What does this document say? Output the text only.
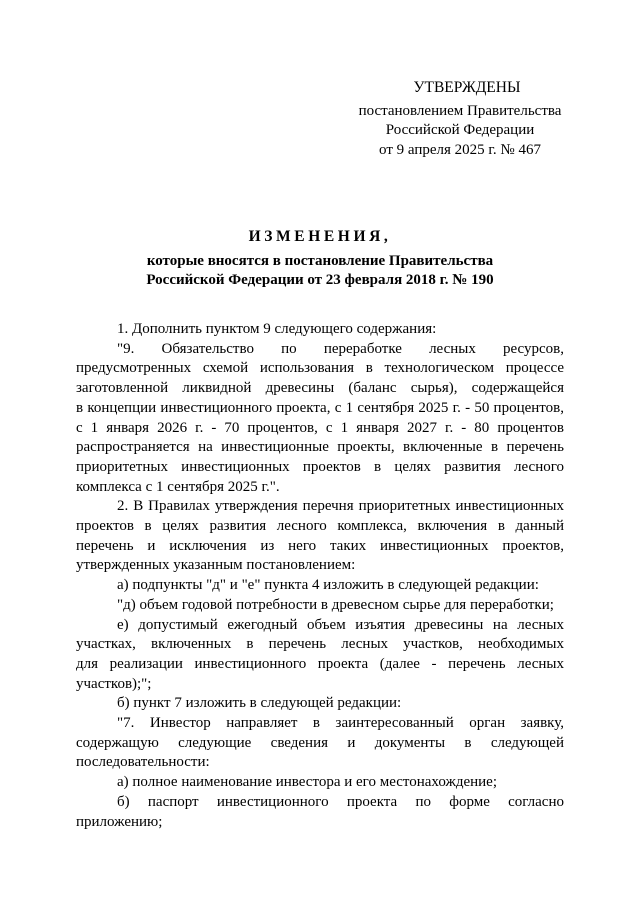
УТВЕРЖДЕНЫ
постановлением Правительства
Российской Федерации
от 9 апреля 2025 г. № 467
ИЗМЕНЕНИЯ,
которые вносятся в постановление Правительства
Российской Федерации от 23 февраля 2018 г. № 190

1. Дополнить пунктом 9 следующего содержания:

"9. Обязательство по переработке лесных ресурсов,

предусмотренных схемой использования в технологическом процессе

заготовленной ликвидной древесины (баланс сырья), содержащейся

в концепции инвестиционного проекта, с 1 сентября 2025 г. - 50 процентов,

с 1 января 2026 г. - 70 процентов, с 1 января 2027 г. - 80 процентов

распространяется на инвестиционные проекты, включенные в перечень

приоритетных инвестиционных проектов в целях развития лесного

комплекса с 1 сентября 2025 г.".

2. В Правилах утверждения перечня приоритетных инвестиционных

проектов в целях развития лесного комплекса, включения в данный

перечень и исключения из него таких инвестиционных проектов,

утвержденных указанным постановлением:

а) подпункты "д" и "е" пункта 4 изложить в следующей редакции:

"д) объем годовой потребности в древесном сырье для переработки;

е) допустимый ежегодный объем изъятия древесины на лесных

участках, включенных в перечень лесных участков, необходимых

для реализации инвестиционного проекта (далее - перечень лесных

участков);";

б) пункт 7 изложить в следующей редакции:

"7. Инвестор направляет в заинтересованный орган заявку,

содержащую следующие сведения и документы в следующей

последовательности:

а) полное наименование инвестора и его местонахождение;

б) паспорт инвестиционного проекта по форме согласно

приложению;
